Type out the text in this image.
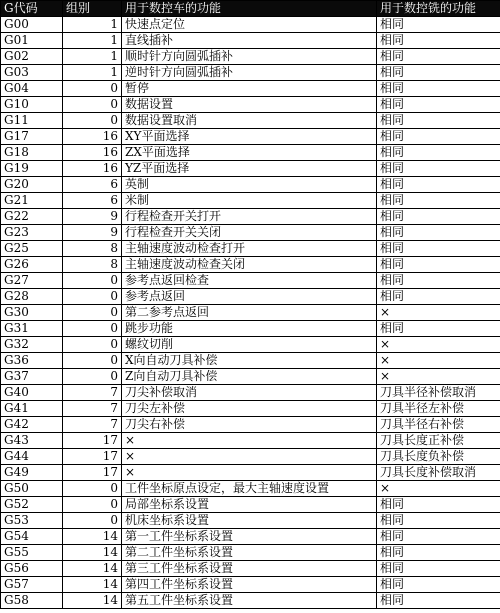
G代码	组别	用于数控车的功能	用于数控铣的功能
G00	1	快速点定位	相同
G01	1	直线插补	相同
G02	1	顺时针方向圆弧插补	相同
G03	1	逆时针方向圆弧插补	相同
G04	0	暂停	相同
G10	0	数据设置	相同
G11	0	数据设置取消	相同
G17	16	XY平面选择	相同
G18	16	ZX平面选择	相同
G19	16	YZ平面选择	相同
G20	6	英制	相同
G21	6	米制	相同
G22	9	行程检查开关打开	相同
G23	9	行程检查开关关闭	相同
G25	8	主轴速度波动检查打开	相同
G26	8	主轴速度波动检查关闭	相同
G27	0	参考点返回检查	相同
G28	0	参考点返回	相同
G30	0	第二参考点返回	×
G31	0	跳步功能	相同
G32	0	螺纹切削	×
G36	0	X向自动刀具补偿	×
G37	0	Z向自动刀具补偿	×
G40	7	刀尖补偿取消	刀具半径补偿取消
G41	7	刀尖左补偿	刀具半径左补偿
G42	7	刀尖右补偿	刀具半径右补偿
G43	17	×	刀具长度正补偿
G44	17	×	刀具长度负补偿
G49	17	×	刀具长度补偿取消
G50	0	工件坐标原点设定，最大主轴速度设置	×
G52	0	局部坐标系设置	相同
G53	0	机床坐标系设置	相同
G54	14	第一工件坐标系设置	相同
G55	14	第二工件坐标系设置	相同
G56	14	第三工件坐标系设置	相同
G57	14	第四工件坐标系设置	相同
G58	14	第五工件坐标系设置	相同
